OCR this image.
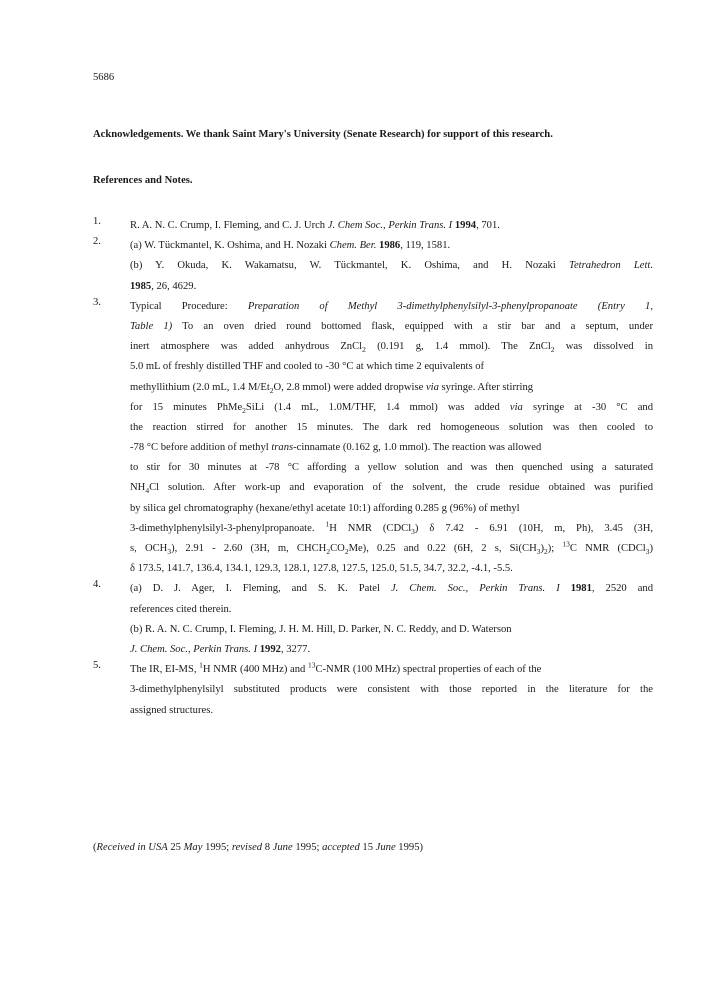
5686
Acknowledgements. We thank Saint Mary's University (Senate Research) for support of this research.
References and Notes.
1.	R. A. N. C. Crump, I. Fleming, and C. J. Urch J. Chem Soc., Perkin Trans. I 1994, 701.
2.	(a) W. Tückmantel, K. Oshima, and H. Nozaki Chem. Ber. 1986, 119, 1581.
(b) Y. Okuda, K. Wakamatsu, W. Tückmantel, K. Oshima, and H. Nozaki Tetrahedron Lett.
1985, 26, 4629.
3.	Typical Procedure: Preparation of Methyl 3-dimethylphenylsilyl-3-phenylpropanoate (Entry 1,
Table 1) To an oven dried round bottomed flask, equipped with a stir bar and a septum, under
inert atmosphere was added anhydrous ZnCl$_2$ (0.191 g, 1.4 mmol). The ZnCl$_2$ was dissolved in
5.0 mL of freshly distilled THF and cooled to -30 °C at which time 2 equivalents of
methyllithium (2.0 mL, 1.4 $M/Et_2O$, 2.8 mmol) were added dropwise via syringe. After stirring
for 15 minutes PhMe$_2$SiLi (1.4 mL, 1.0M/THF, 1.4 mmol) was added via syringe at -30 °C and
the reaction stirred for another 15 minutes. The dark red homogeneous solution was then cooled to
-78 °C before addition of methyl trans-cinnamate (0.162 g, 1.0 mmol). The reaction was allowed
to stir for 30 minutes at -78 °C affording a yellow solution and was then quenched using a saturated
$NH_4Cl$ solution. After work-up and evaporation of the solvent, the crude residue obtained was purified
by silica gel chromatography (hexane/ethyl acetate 10:1) affording 0.285 g (96%) of methyl
3-dimethylphenylsilyl-3-phenylpropanoate. $^1$H NMR (CDCl$_3$) δ 7.42 - 6.91 (10H, m, Ph), 3.45 (3H,
s, $OCH_3$), 2.91 - 2.60 (3H, m, $CHCH_2CO_2Me$), 0.25 and 0.22 (6H, 2 s, $Si(CH_3)_2$); $^{13}$C NMR (CDCl$_3$)
δ 173.5, 141.7, 136.4, 134.1, 129.3, 128.1, 127.8, 127.5, 125.0, 51.5, 34.7, 32.2, -4.1, -5.5.
4.	(a) D. J. Ager, I. Fleming, and S. K. Patel J. Chem. Soc., Perkin Trans. I 1981, 2520 and
references cited therein.
(b) R. A. N. C. Crump, I. Fleming, J. H. M. Hill, D. Parker, N. C. Reddy, and D. Waterson
J. Chem. Soc., Perkin Trans. I 1992, 3277.
5.	The IR, EI-MS, $^1$H NMR (400 MHz) and $^{13}$C-NMR (100 MHz) spectral properties of each of the
3-dimethylphenylsilyl substituted products were consistent with those reported in the literature for the
assigned structures.
(Received in USA 25 May 1995; revised 8 June 1995; accepted 15 June 1995)
